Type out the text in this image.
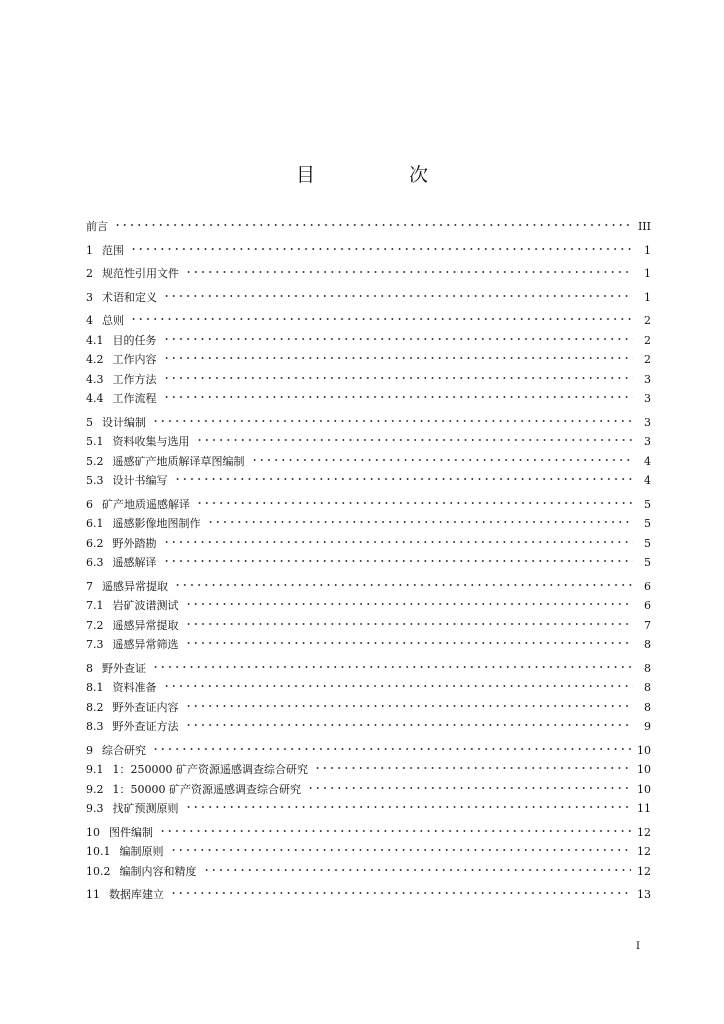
目 次
前言	III
1 范围	1
2 规范性引用文件	1
3 术语和定义	1
4 总则	2
4.1 目的任务	2
4.2 工作内容	2
4.3 工作方法	3
4.4 工作流程	3
5 设计编制	3
5.1 资料收集与选用	3
5.2 遥感矿产地质解译草图编制	4
5.3 设计书编写	4
6 矿产地质遥感解译	5
6.1 遥感影像地图制作	5
6.2 野外踏勘	5
6.3 遥感解译	5
7 遥感异常提取	6
7.1 岩矿波谱测试	6
7.2 遥感异常提取	7
7.3 遥感异常筛选	8
8 野外查证	8
8.1 资料准备	8
8.2 野外查证内容	8
8.3 野外查证方法	9
9 综合研究	10
9.1 1：250000 矿产资源遥感调查综合研究	10
9.2 1：50000 矿产资源遥感调查综合研究	10
9.3 找矿预测原则	11
10 图件编制	12
10.1 编制原则	12
10.2 编制内容和精度	12
11 数据库建立	13
I
